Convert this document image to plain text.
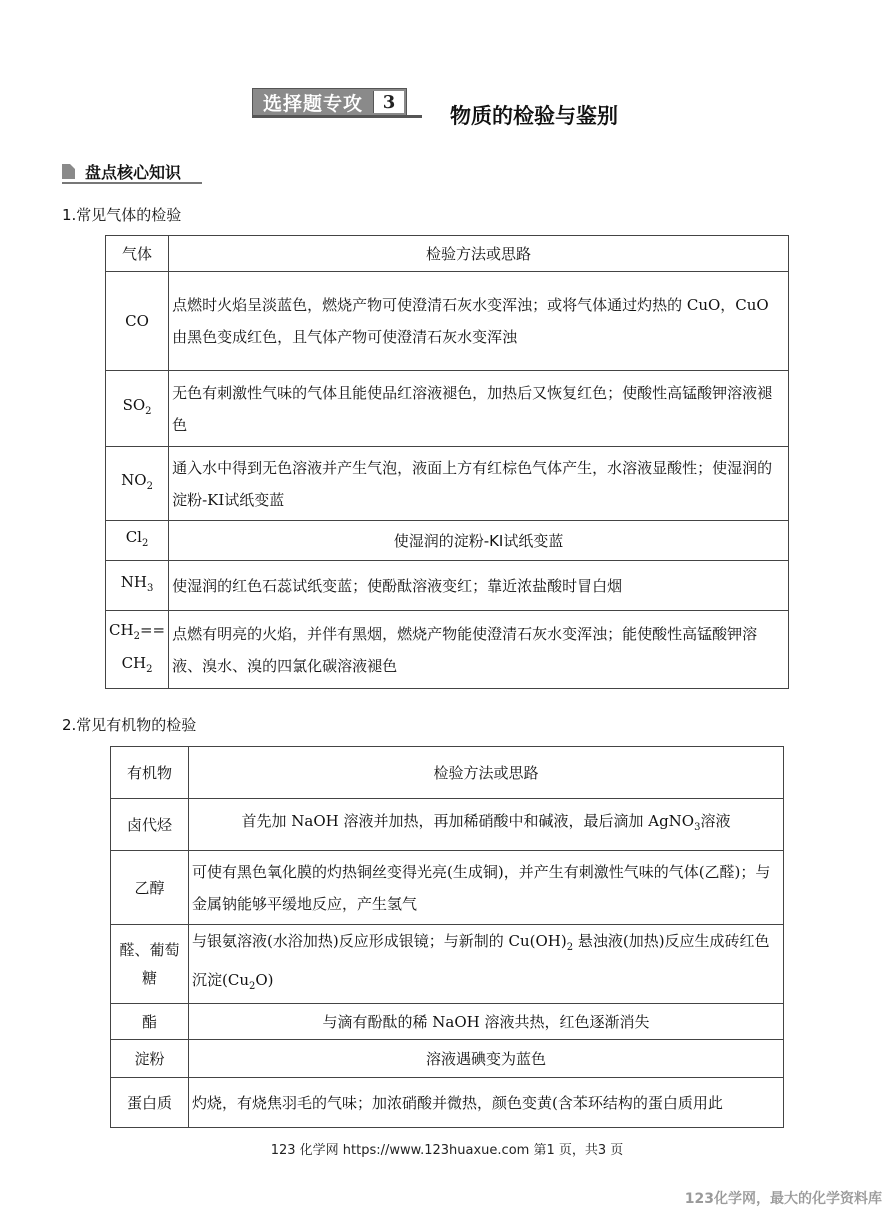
选择题专攻	3
物质的检验与鉴别
盘点核心知识
1.常见气体的检验
气体	检验方法或思路
CO	点燃时火焰呈淡蓝色，燃烧产物可使澄清石灰水变浑浊；或将气体通过灼热的 CuO，CuO 由黑色变成红色，且气体产物可使澄清石灰水变浑浊
$SO_2$	无色有刺激性气味的气体且能使品红溶液褪色，加热后又恢复红色；使酸性高锰酸钾溶液褪色
$NO_2$	通入水中得到无色溶液并产生气泡，液面上方有红棕色气体产生，水溶液显酸性；使湿润的淀粉-KI试纸变蓝
$Cl_2$	使湿润的淀粉-KI试纸变蓝
$NH_3$	使湿润的红色石蕊试纸变蓝；使酚酞溶液变红；靠近浓盐酸时冒白烟
$CH_2==$
$CH_2$	点燃有明亮的火焰，并伴有黑烟，燃烧产物能使澄清石灰水变浑浊；能使酸性高锰酸钾溶液、溴水、溴的四氯化碳溶液褪色
2.常见有机物的检验
有机物	检验方法或思路
卤代烃	首先加 NaOH 溶液并加热，再加稀硝酸中和碱液，最后滴加 AgNO$_3$溶液
乙醇	可使有黑色氧化膜的灼热铜丝变得光亮(生成铜)，并产生有刺激性气味的气体(乙醛)；与金属钠能够平缓地反应，产生氢气
醛、葡萄糖	与银氨溶液(水浴加热)反应形成银镜；与新制的 $Cu(OH)_2$ 悬浊液(加热)反应生成砖红色沉淀$(Cu_2O)$
酯	与滴有酚酞的稀 NaOH 溶液共热，红色逐渐消失
淀粉	溶液遇碘变为蓝色
蛋白质	灼烧，有烧焦羽毛的气味；加浓硝酸并微热，颜色变黄(含苯环结构的蛋白质用此
123 化学网 https://www.123huaxue.com 第1 页，共3 页
123化学网，最大的化学资料库
